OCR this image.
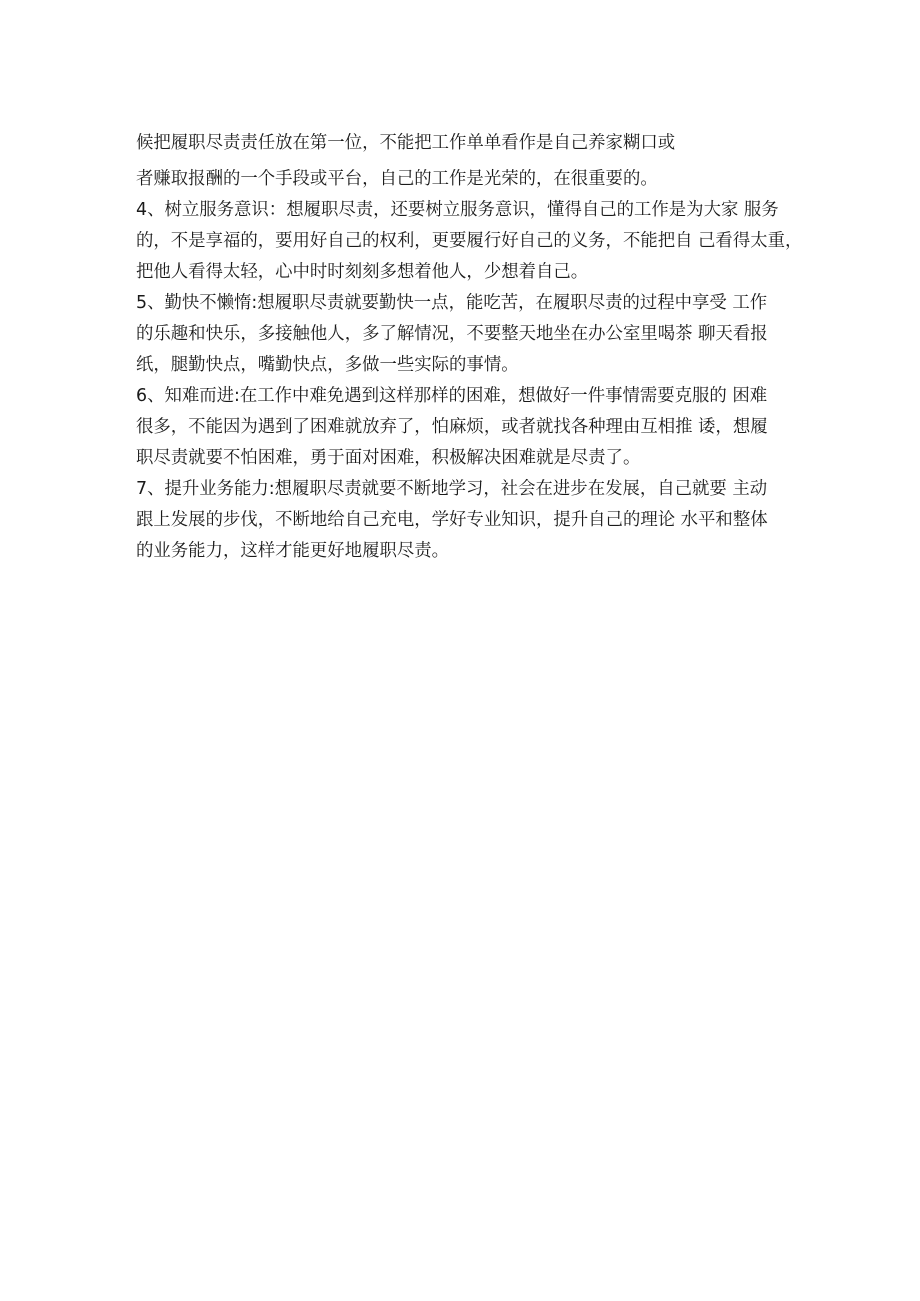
候把履职尽责责任放在第一位，不能把工作单单看作是自己养家糊口或
者赚取报酬的一个手段或平台，自己的工作是光荣的，在很重要的。
4、树立服务意识：想履职尽责，还要树立服务意识，懂得自己的工作是为大家 服务
的，不是享福的，要用好自己的权利，更要履行好自己的义务，不能把自 己看得太重，
把他人看得太轻，心中时时刻刻多想着他人，少想着自己。
5、勤快不懒惰:想履职尽责就要勤快一点，能吃苦，在履职尽责的过程中享受 工作
的乐趣和快乐，多接触他人，多了解情况，不要整天地坐在办公室里喝茶 聊天看报
纸，腿勤快点，嘴勤快点，多做一些实际的事情。
6、知难而进:在工作中难免遇到这样那样的困难，想做好一件事情需要克服的 困难
很多，不能因为遇到了困难就放弃了，怕麻烦，或者就找各种理由互相推 诿，想履
职尽责就要不怕困难，勇于面对困难，积极解决困难就是尽责了。
7、提升业务能力:想履职尽责就要不断地学习，社会在进步在发展，自己就要 主动
跟上发展的步伐，不断地给自己充电，学好专业知识，提升自己的理论 水平和整体
的业务能力，这样才能更好地履职尽责。
